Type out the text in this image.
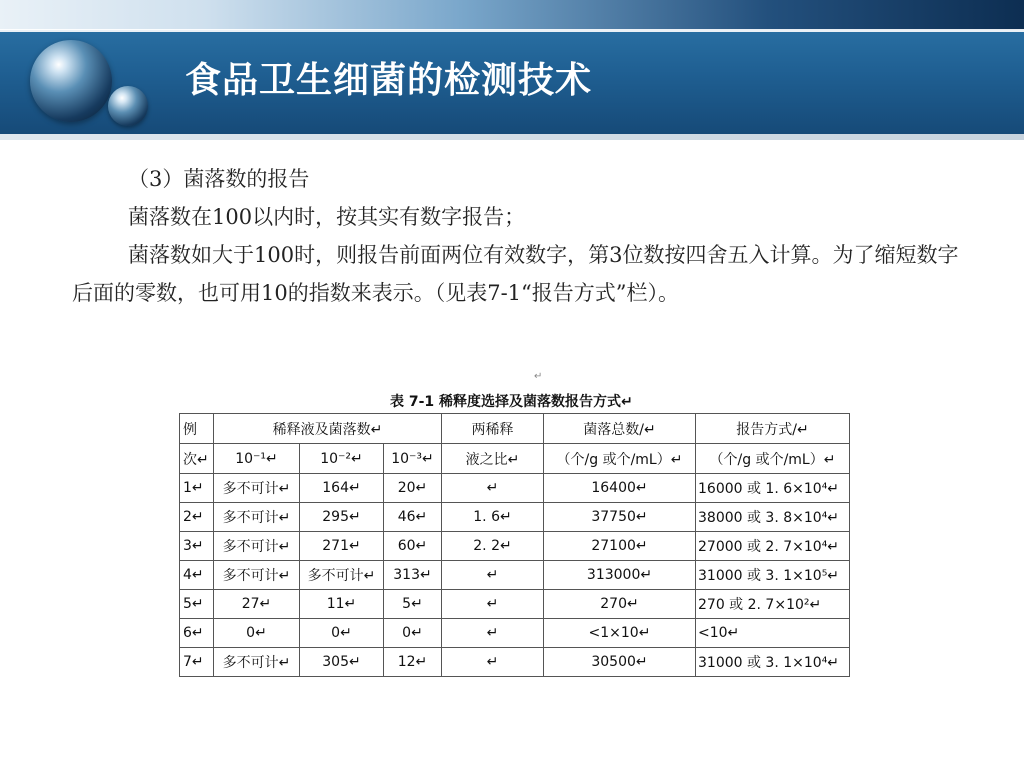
食品卫生细菌的检测技术

（3）菌落数的报告

菌落数在100以内时，按其实有数字报告；

菌落数如大于100时，则报告前面两位有效数字，第3位数按四舍五入计算。为了缩短数字后面的零数，也可用10的指数来表示。（见表7-1“报告方式”栏）。

↵
表 7-1 稀释度选择及菌落数报告方式↵
例	稀释液及菌落数↵			两稀释	菌落总数/↵	报告方式/↵
次↵	10⁻¹↵	10⁻²↵	10⁻³↵	液之比↵	（个/g 或个/mL）↵	（个/g 或个/mL）↵
1↵	多不可计↵	164↵	20↵	↵	16400↵	16000 或 1. 6×10⁴↵
2↵	多不可计↵	295↵	46↵	1. 6↵	37750↵	38000 或 3. 8×10⁴↵
3↵	多不可计↵	271↵	60↵	2. 2↵	27100↵	27000 或 2. 7×10⁴↵
4↵	多不可计↵	多不可计↵	313↵	↵	313000↵	31000 或 3. 1×10⁵↵
5↵	27↵	11↵	5↵	↵	270↵	270 或 2. 7×10²↵
6↵	0↵	0↵	0↵	↵	<1×10↵	<10↵
7↵	多不可计↵	305↵	12↵	↵	30500↵	31000 或 3. 1×10⁴↵
